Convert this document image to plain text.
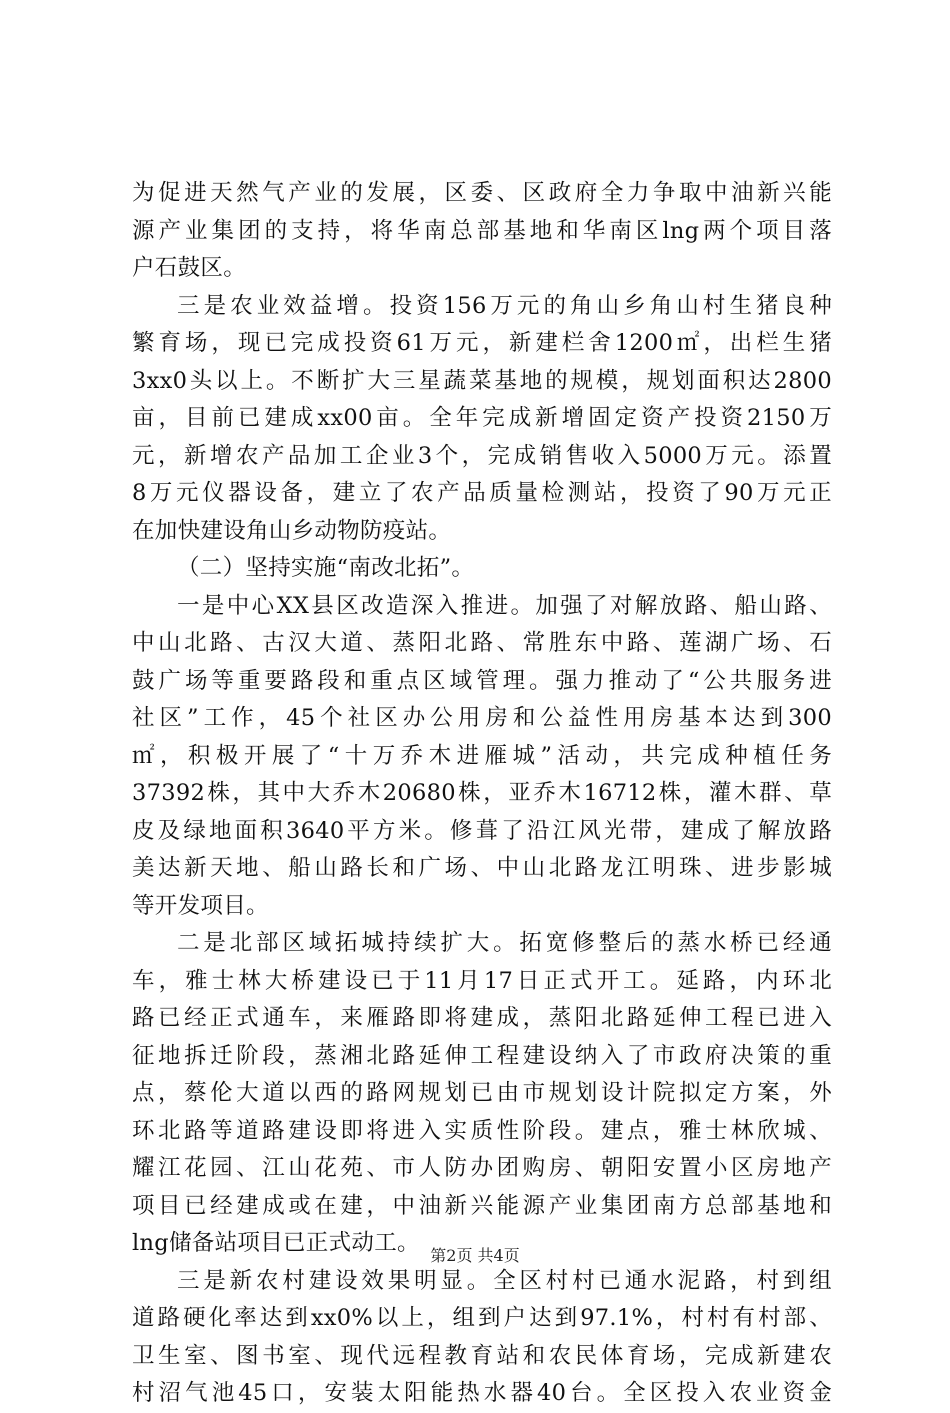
为促进天然气产业的发展，区委、区政府全力争取中油新兴能
源产业集团的支持，将华南总部基地和华南区lng两个项目落
户石鼓区。
三是农业效益增。投资156万元的角山乡角山村生猪良种
繁育场，现已完成投资61万元，新建栏舍1200㎡，出栏生猪
3xx0头以上。不断扩大三星蔬菜基地的规模，规划面积达2800
亩，目前已建成xx00亩。全年完成新增固定资产投资2150万
元，新增农产品加工企业3个，完成销售收入5000万元。添置
8万元仪器设备，建立了农产品质量检测站，投资了90万元正
在加快建设角山乡动物防疫站。
（二）坚持实施“南改北拓”。
一是中心XX县区改造深入推进。加强了对解放路、船山路、
中山北路、古汉大道、蒸阳北路、常胜东中路、莲湖广场、石
鼓广场等重要路段和重点区域管理。强力推动了“公共服务进
社区”工作，45个社区办公用房和公益性用房基本达到300
㎡，积极开展了“十万乔木进雁城”活动，共完成种植任务
37392株，其中大乔木20680株，亚乔木16712株，灌木群、草
皮及绿地面积3640平方米。修葺了沿江风光带，建成了解放路
美达新天地、船山路长和广场、中山北路龙江明珠、进步影城
等开发项目。
二是北部区域拓城持续扩大。拓宽修整后的蒸水桥已经通
车，雅士林大桥建设已于11月17日正式开工。延路，内环北
路已经正式通车，来雁路即将建成，蒸阳北路延伸工程已进入
征地拆迁阶段，蒸湘北路延伸工程建设纳入了市政府决策的重
点，蔡伦大道以西的路网规划已由市规划设计院拟定方案，外
环北路等道路建设即将进入实质性阶段。建点，雅士林欣城、
耀江花园、江山花苑、市人防办团购房、朝阳安置小区房地产
项目已经建成或在建，中油新兴能源产业集团南方总部基地和
lng储备站项目已正式动工。
三是新农村建设效果明显。全区村村已通水泥路，村到组
道路硬化率达到xx0%以上，组到户达到97.1%，村村有村部、
卫生室、图书室、现代远程教育站和农民体育场，完成新建农
村沼气池45口，安装太阳能热水器40台。全区投入农业资金
第2页 共4页
